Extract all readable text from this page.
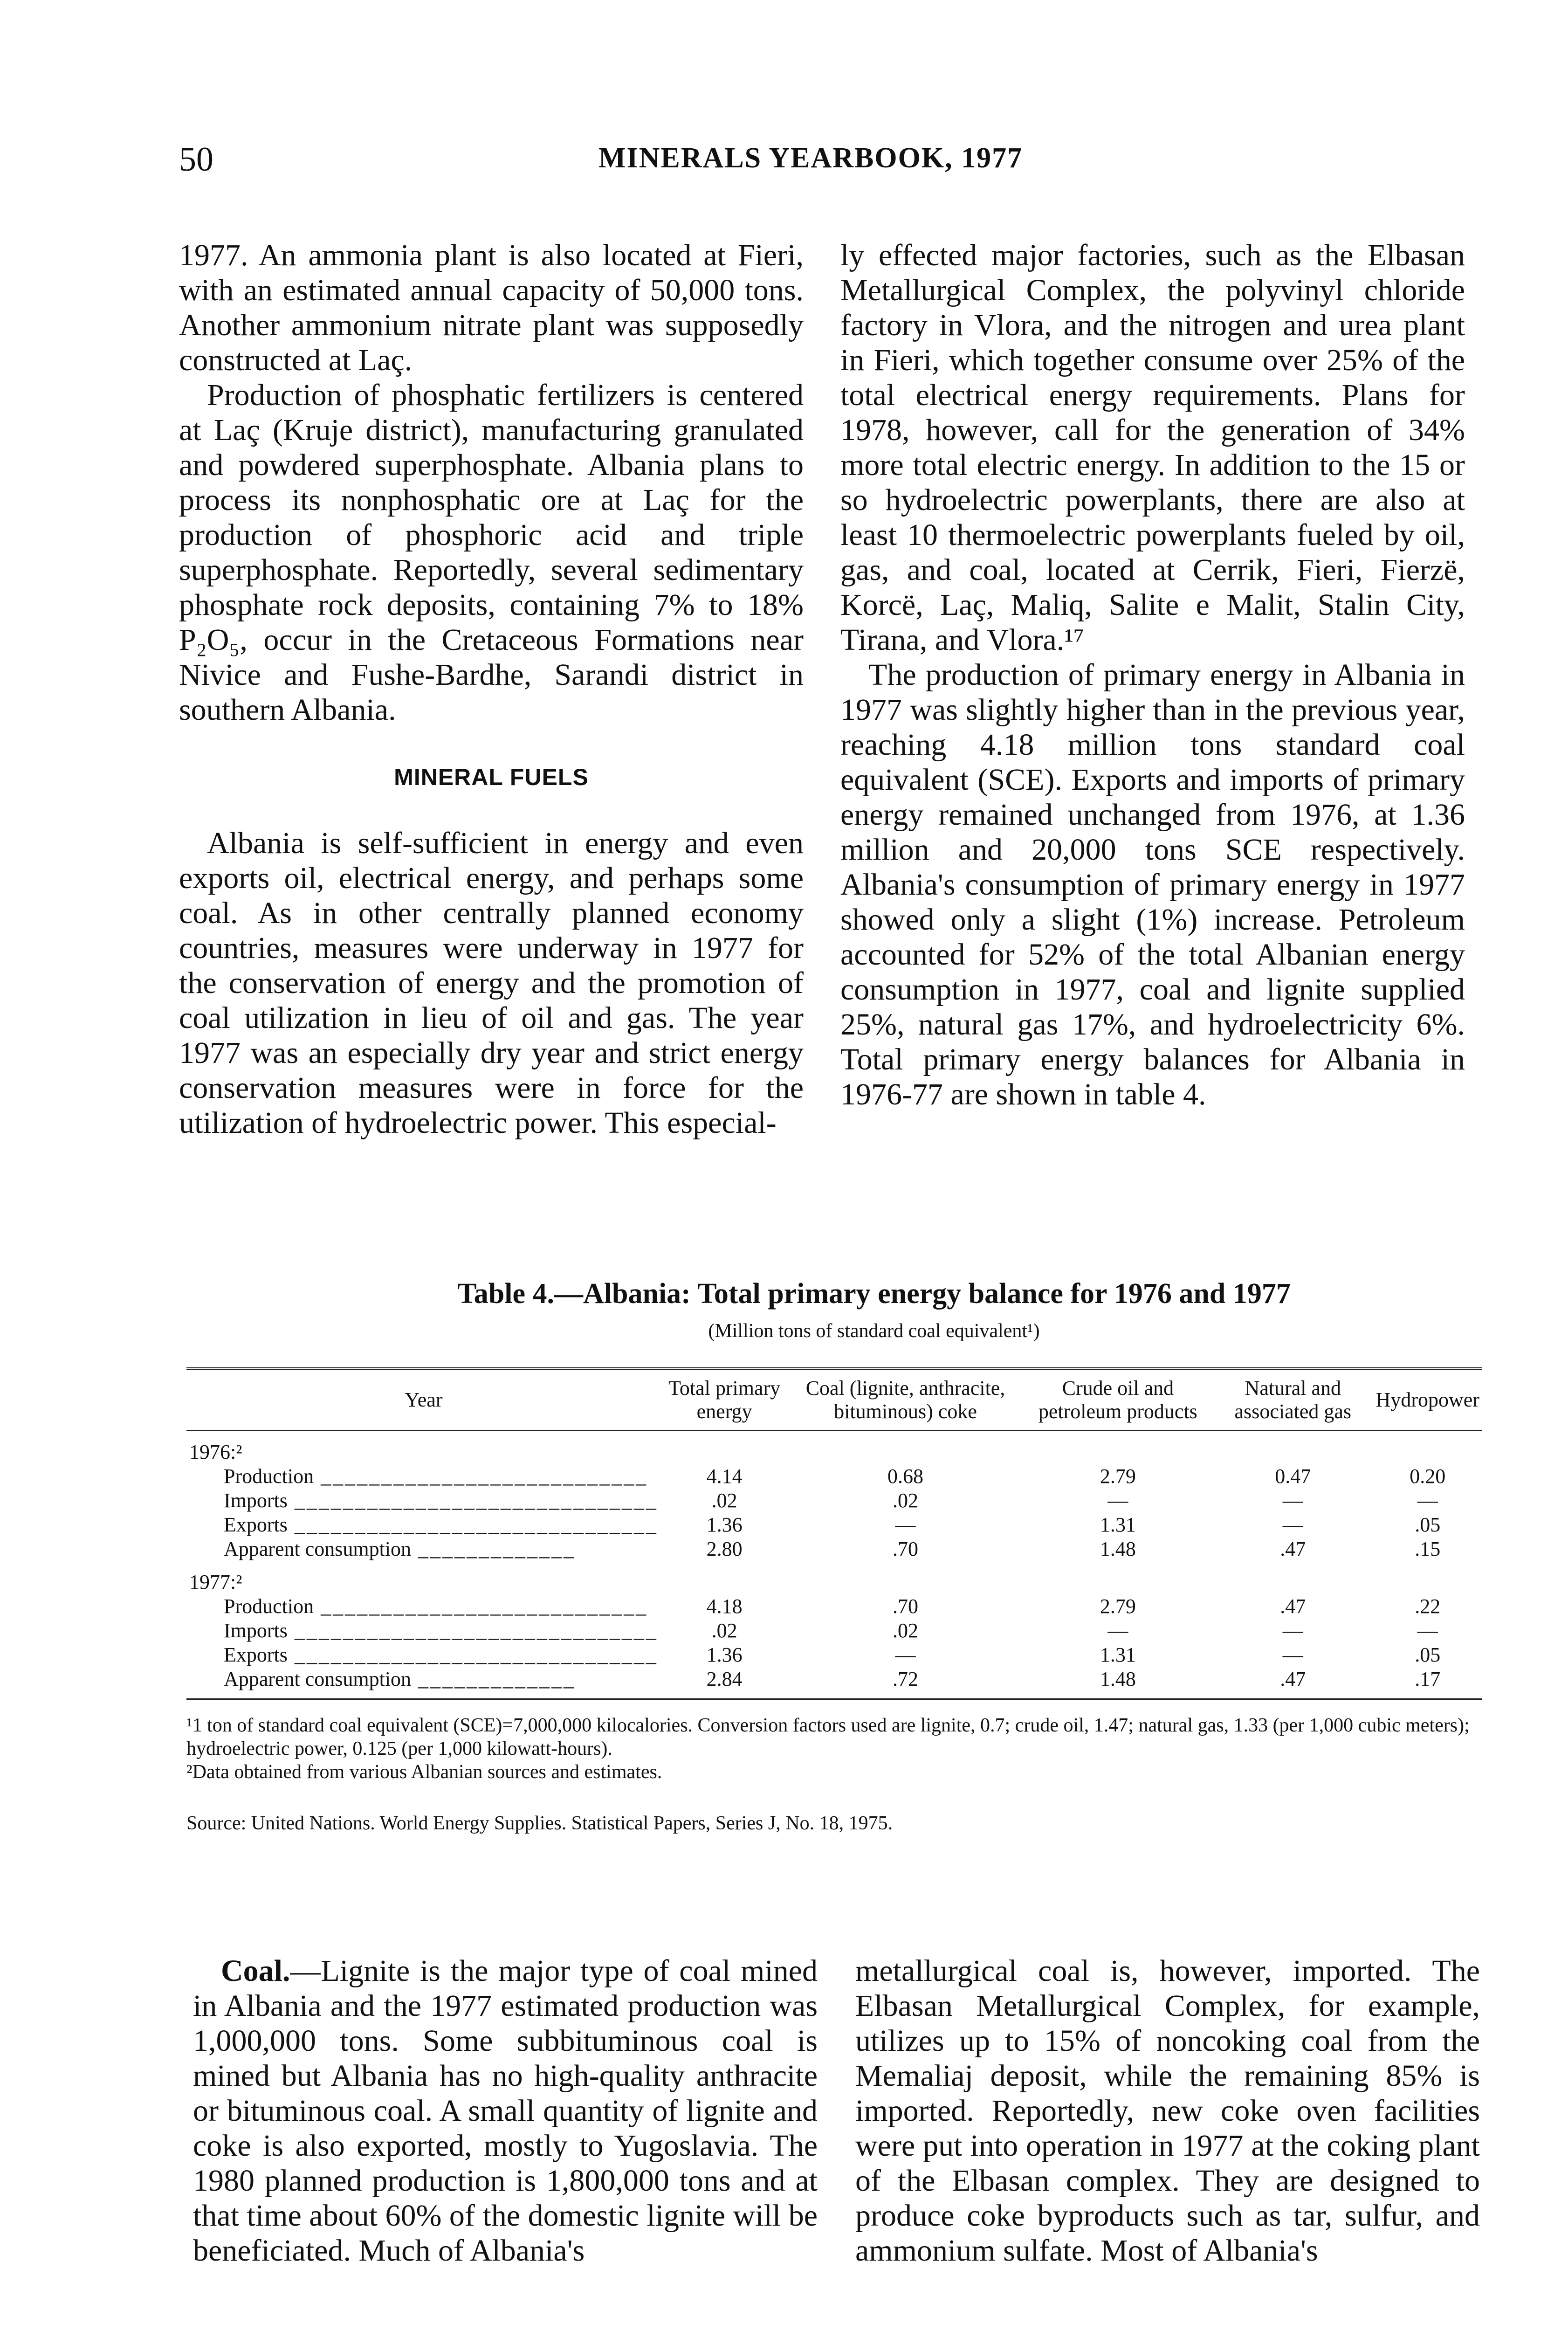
50	MINERALS YEARBOOK, 1977

1977. An ammonia plant is also located at Fieri, with an estimated annual capacity of 50,000 tons. Another ammonium nitrate plant was supposedly constructed at Laç.

Production of phosphatic fertilizers is centered at Laç (Kruje district), manufacturing granulated and powdered superphosphate. Albania plans to process its nonphosphatic ore at Laç for the production of phosphoric acid and triple superphosphate. Reportedly, several sedimentary phosphate rock deposits, containing 7% to 18% P₂O₅, occur in the Cretaceous Formations near Nivice and Fushe-Bardhe, Sarandi district in southern Albania.

MINERAL FUELS

Albania is self-sufficient in energy and even exports oil, electrical energy, and perhaps some coal. As in other centrally planned economy countries, measures were underway in 1977 for the conservation of energy and the promotion of coal utilization in lieu of oil and gas. The year 1977 was an especially dry year and strict energy conservation measures were in force for the utilization of hydroelectric power. This especial-

ly effected major factories, such as the Elbasan Metallurgical Complex, the polyvinyl chloride factory in Vlora, and the nitrogen and urea plant in Fieri, which together consume over 25% of the total electrical energy requirements. Plans for 1978, however, call for the generation of 34% more total electric energy. In addition to the 15 or so hydroelectric powerplants, there are also at least 10 thermoelectric powerplants fueled by oil, gas, and coal, located at Cerrik, Fieri, Fierzë, Korcë, Laç, Maliq, Salite e Malit, Stalin City, Tirana, and Vlora.¹⁷

The production of primary energy in Albania in 1977 was slightly higher than in the previous year, reaching 4.18 million tons standard coal equivalent (SCE). Exports and imports of primary energy remained unchanged from 1976, at 1.36 million and 20,000 tons SCE respectively. Albania's consumption of primary energy in 1977 showed only a slight (1%) increase. Petroleum accounted for 52% of the total Albanian energy consumption in 1977, coal and lignite supplied 25%, natural gas 17%, and hydroelectricity 6%. Total primary energy balances for Albania in 1976-77 are shown in table 4.

Table 4.—Albania: Total primary energy balance for 1976 and 1977
(Million tons of standard coal equivalent¹)
Year	Total primary energy	Coal (lignite, anthracite, bituminous) coke	Crude oil and petroleum products	Natural and associated gas	Hydropower
1976:²					
Production ___________________________	4.14	0.68	2.79	0.47	0.20
Imports ______________________________	.02	.02	—	—	—
Exports ______________________________	1.36	—	1.31	—	.05
Apparent consumption _____________	2.80	.70	1.48	.47	.15
1977:²					
Production ___________________________	4.18	.70	2.79	.47	.22
Imports ______________________________	.02	.02	—	—	—
Exports ______________________________	1.36	—	1.31	—	.05
Apparent consumption _____________	2.84	.72	1.48	.47	.17

¹1 ton of standard coal equivalent (SCE)=7,000,000 kilocalories. Conversion factors used are lignite, 0.7; crude oil, 1.47; natural gas, 1.33 (per 1,000 cubic meters); hydroelectric power, 0.125 (per 1,000 kilowatt-hours).

²Data obtained from various Albanian sources and estimates.

Source: United Nations. World Energy Supplies. Statistical Papers, Series J, No. 18, 1975.

Coal.—Lignite is the major type of coal mined in Albania and the 1977 estimated production was 1,000,000 tons. Some subbituminous coal is mined but Albania has no high-quality anthracite or bituminous coal. A small quantity of lignite and coke is also exported, mostly to Yugoslavia. The 1980 planned production is 1,800,000 tons and at that time about 60% of the domestic lignite will be beneficiated. Much of Albania's

metallurgical coal is, however, imported. The Elbasan Metallurgical Complex, for example, utilizes up to 15% of noncoking coal from the Memaliaj deposit, while the remaining 85% is imported. Reportedly, new coke oven facilities were put into operation in 1977 at the coking plant of the Elbasan complex. They are designed to produce coke byproducts such as tar, sulfur, and ammonium sulfate. Most of Albania's
